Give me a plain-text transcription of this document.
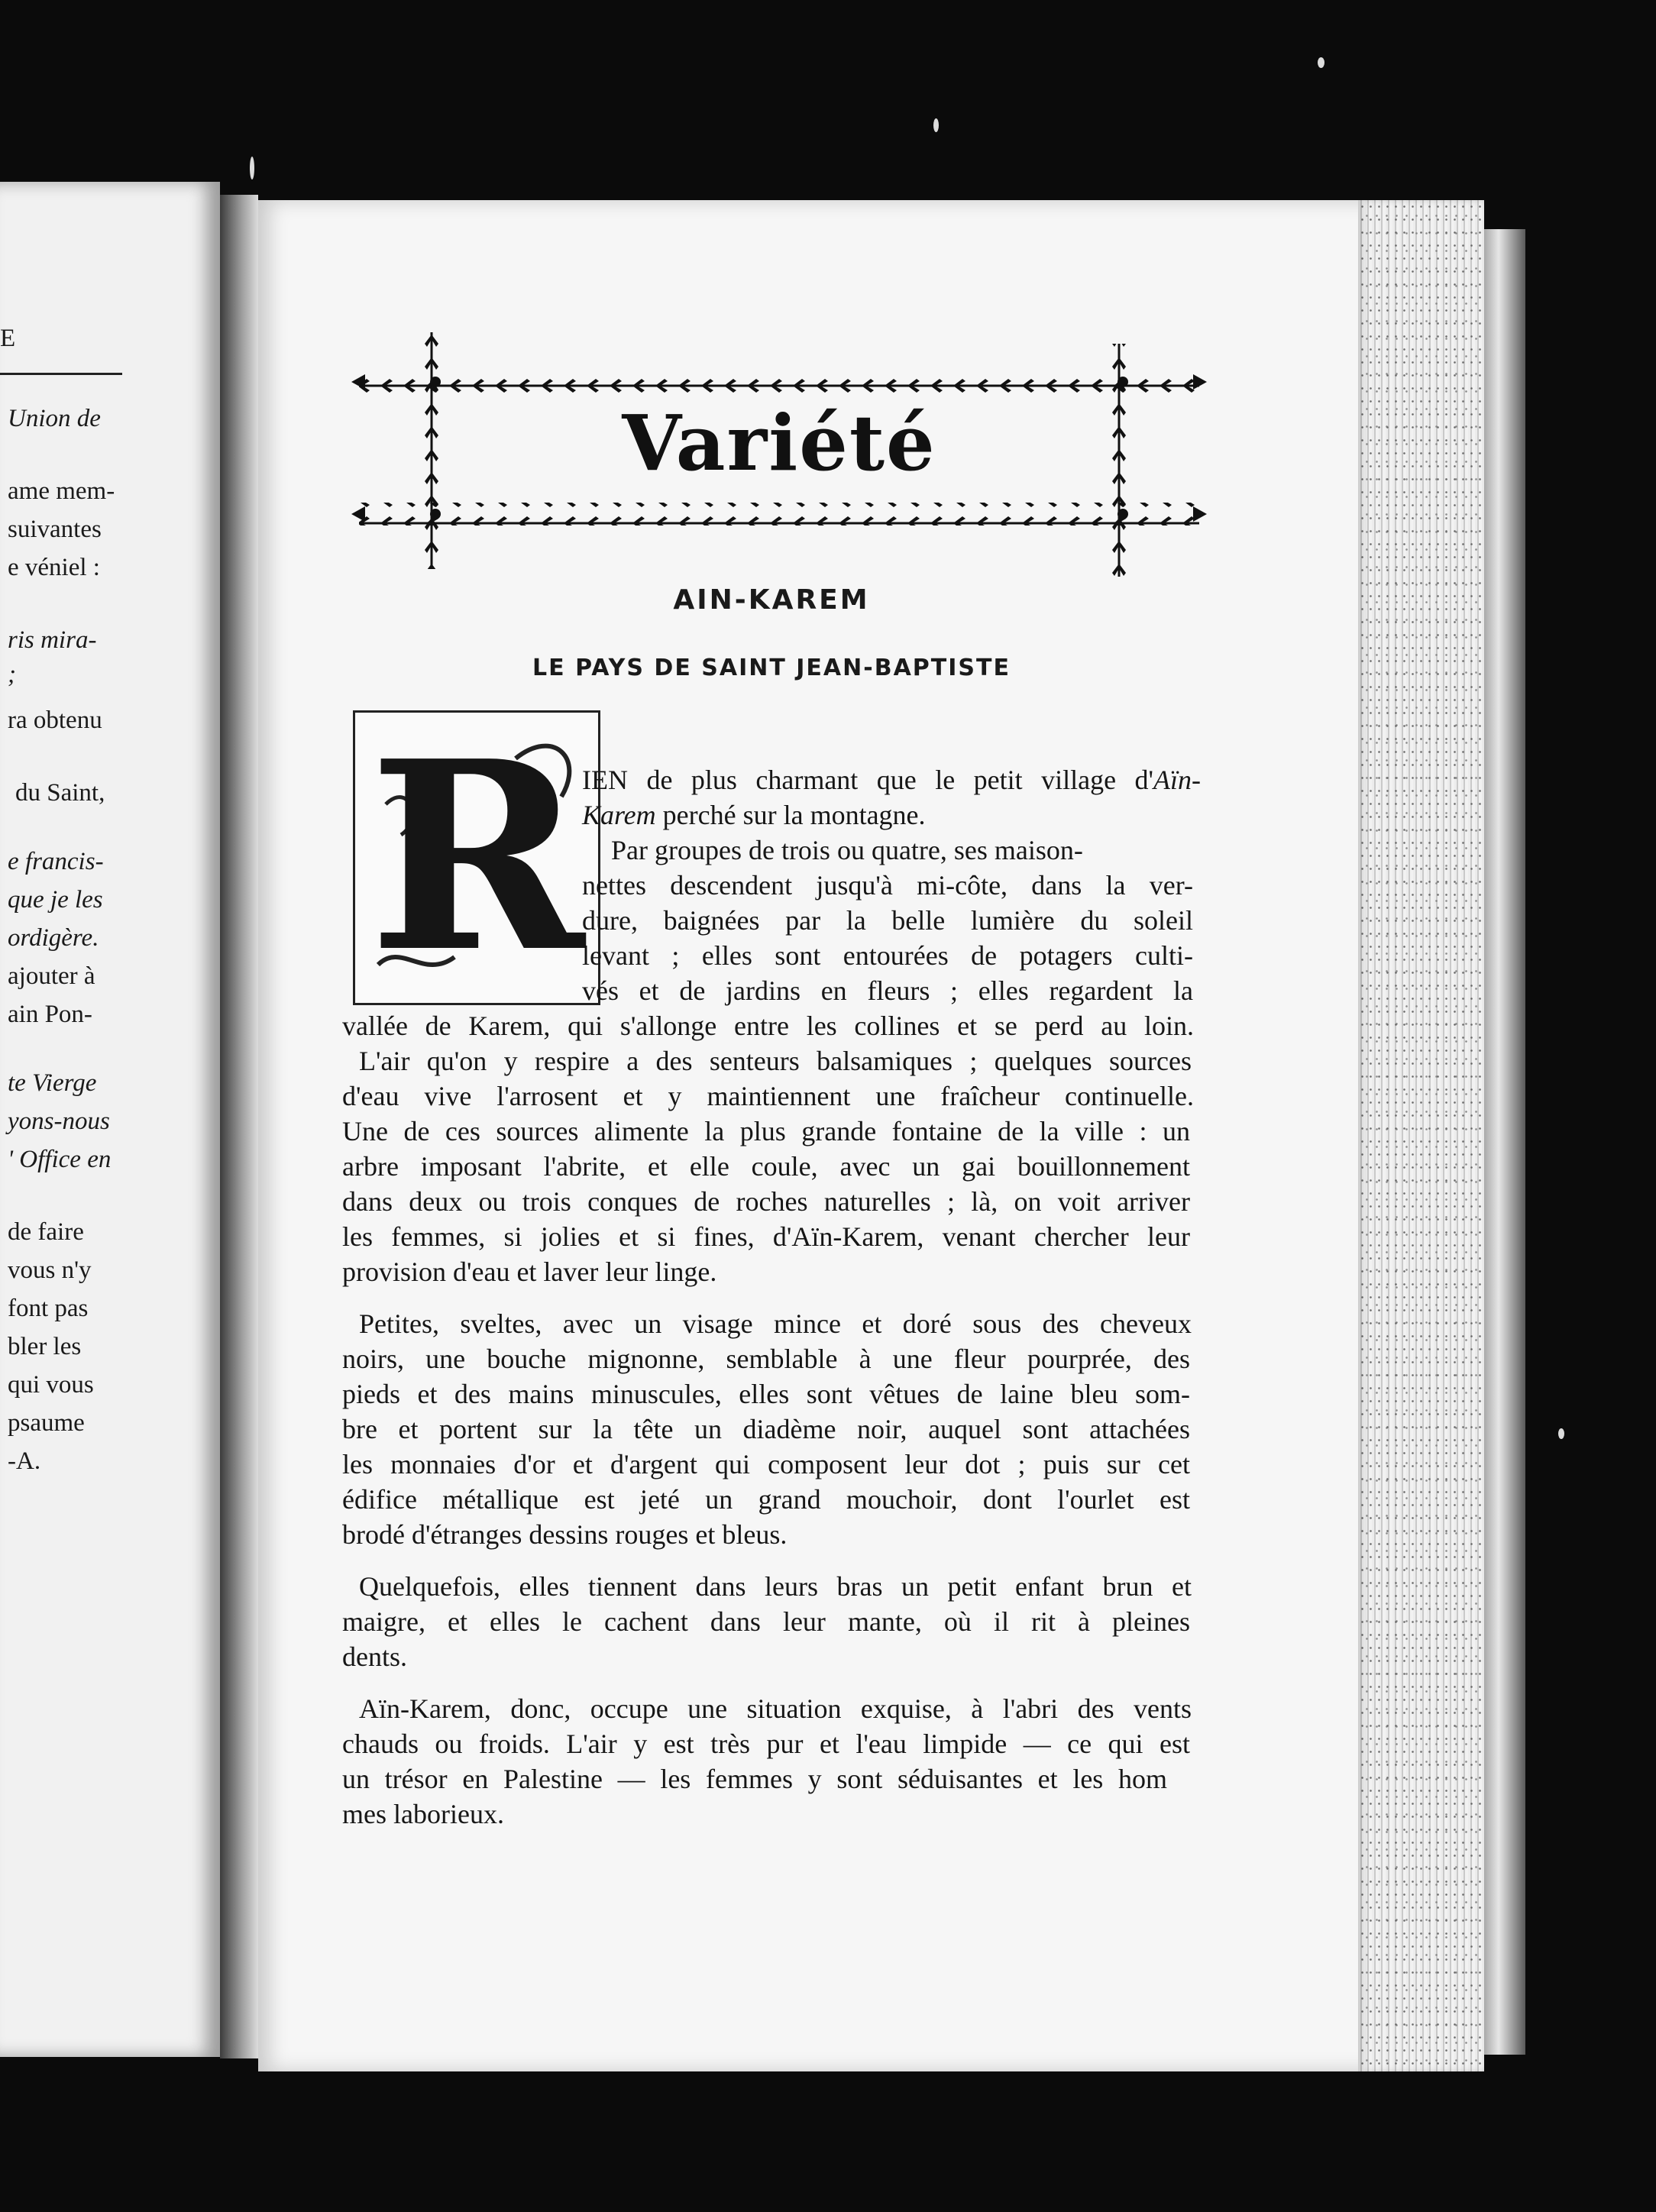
E
Union de
ame mem-
suivantes
e véniel :
ris mira-
;
ra obtenu
du Saint,
e francis-
que je les
ordigère.
ajouter à
ain Pon-
te Vierge
yons-nous
' Office en
de faire
vous n'y
font pas
bler les
qui vous
psaume
-A.
Variété
AIN-KAREM
LE PAYS DE SAINT JEAN-BAPTISTE
R
IEN de plus charmant que le petit village d'Aïn-
Karem perché sur la montagne.
Par groupes de trois ou quatre, ses maison-
nettes descendent jusqu'à mi-côte, dans la ver-
dure, baignées par la belle lumière du soleil
levant ; elles sont entourées de potagers culti-
vés et de jardins en fleurs ; elles regardent la
vallée de Karem, qui s'allonge entre les collines et se perd au loin.
L'air qu'on y respire a des senteurs balsamiques ; quelques sources
d'eau vive l'arrosent et y maintiennent une fraîcheur continuelle.
Une de ces sources alimente la plus grande fontaine de la ville : un
arbre imposant l'abrite, et elle coule, avec un gai bouillonnement
dans deux ou trois conques de roches naturelles ; là, on voit arriver
les femmes, si jolies et si fines, d'Aïn-Karem, venant chercher leur
provision d'eau et laver leur linge.
Petites, sveltes, avec un visage mince et doré sous des cheveux
noirs, une bouche mignonne, semblable à une fleur pourprée, des
pieds et des mains minuscules, elles sont vêtues de laine bleu som-
bre et portent sur la tête un diadème noir, auquel sont attachées
les monnaies d'or et d'argent qui composent leur dot ; puis sur cet
édifice métallique est jeté un grand mouchoir, dont l'ourlet est
brodé d'étranges dessins rouges et bleus.
Quelquefois, elles tiennent dans leurs bras un petit enfant brun et
maigre, et elles le cachent dans leur mante, où il rit à pleines
dents.
Aïn-Karem, donc, occupe une situation exquise, à l'abri des vents
chauds ou froids. L'air y est très pur et l'eau limpide — ce qui est
un trésor en Palestine — les femmes y sont séduisantes et les hom
mes laborieux.
